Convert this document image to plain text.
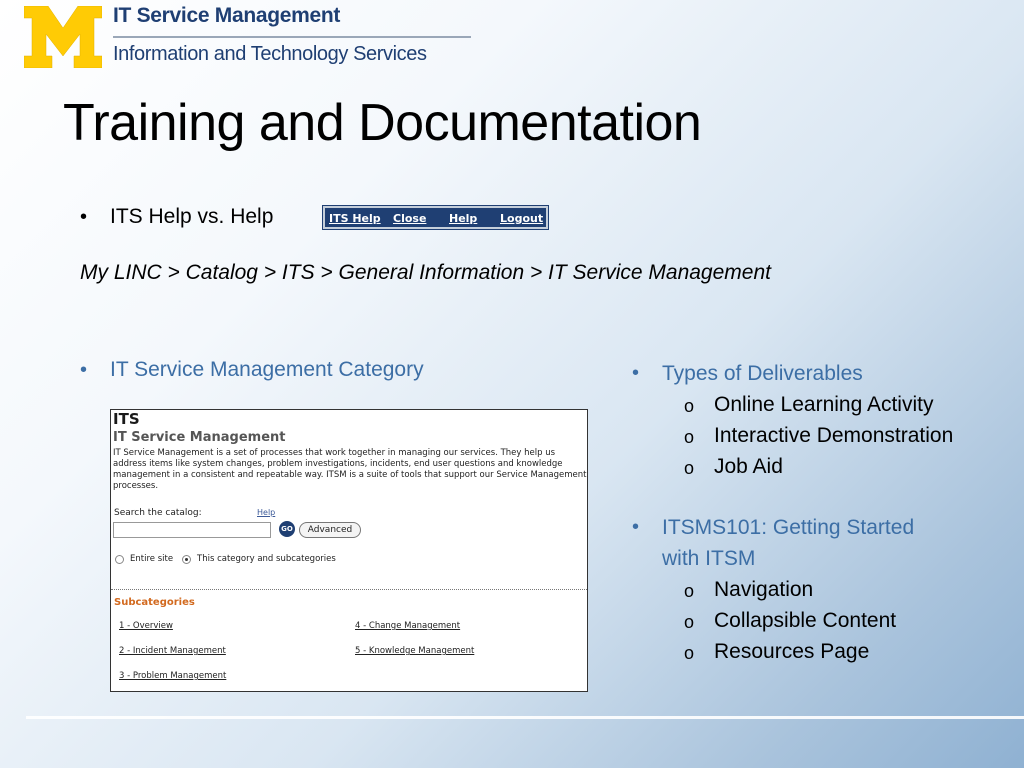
IT Service Management
Information and Technology Services
Training and Documentation
•	ITS Help vs. Help	ITS Help Close Help Logout
My LINC > Catalog > ITS > General Information > IT Service Management
•	IT Service Management Category
ITS
IT Service Management
IT Service Management is a set of processes that work together in managing our services. They help us address items like system changes, problem investigations, incidents, end user questions and knowledge management in a consistent and repeatable way. ITSM is a suite of tools that support our Service Management processes.
Search the catalog:	Help
GO	Advanced
Entire site	This category and subcategories
Subcategories
1 - Overview
2 - Incident Management
3 - Problem Management
4 - Change Management
5 - Knowledge Management
• Types of Deliverables
o Online Learning Activity
o Interactive Demonstration
o Job Aid
• ITSMS101: Getting Started
with ITSM
o Navigation
o Collapsible Content
o Resources Page
